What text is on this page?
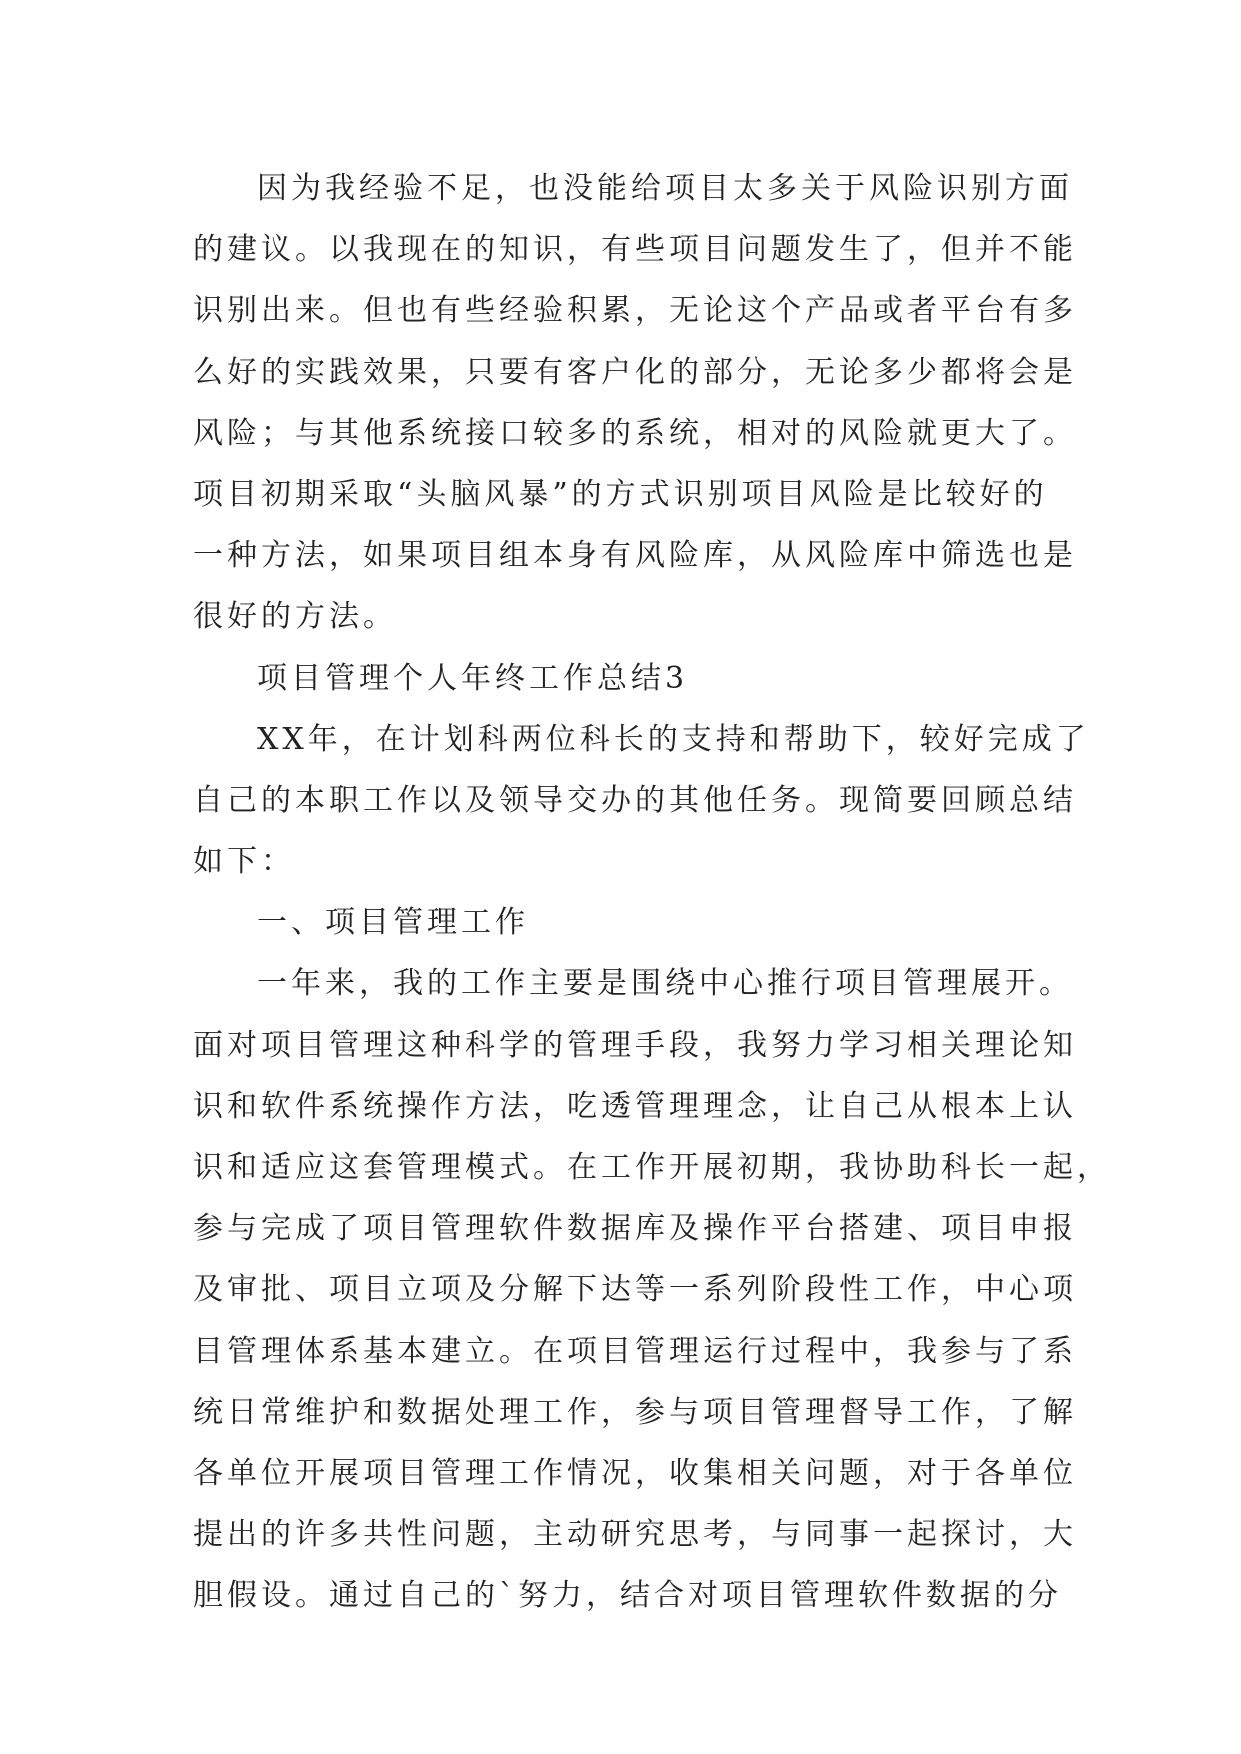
因为我经验不足，也没能给项目太多关于风险识别方面
的建议。以我现在的知识，有些项目问题发生了，但并不能
识别出来。但也有些经验积累，无论这个产品或者平台有多
么好的实践效果，只要有客户化的部分，无论多少都将会是
风险；与其他系统接口较多的系统，相对的风险就更大了。
项目初期采取“头脑风暴”的方式识别项目风险是比较好的
一种方法，如果项目组本身有风险库，从风险库中筛选也是
很好的方法。
项目管理个人年终工作总结3
XX年，在计划科两位科长的支持和帮助下，较好完成了
自己的本职工作以及领导交办的其他任务。现简要回顾总结
如下：
一、项目管理工作
一年来，我的工作主要是围绕中心推行项目管理展开。
面对项目管理这种科学的管理手段，我努力学习相关理论知
识和软件系统操作方法，吃透管理理念，让自己从根本上认
识和适应这套管理模式。在工作开展初期，我协助科长一起，
参与完成了项目管理软件数据库及操作平台搭建、项目申报
及审批、项目立项及分解下达等一系列阶段性工作，中心项
目管理体系基本建立。在项目管理运行过程中，我参与了系
统日常维护和数据处理工作，参与项目管理督导工作，了解
各单位开展项目管理工作情况，收集相关问题，对于各单位
提出的许多共性问题，主动研究思考，与同事一起探讨，大
胆假设。通过自己的`努力，结合对项目管理软件数据的分
